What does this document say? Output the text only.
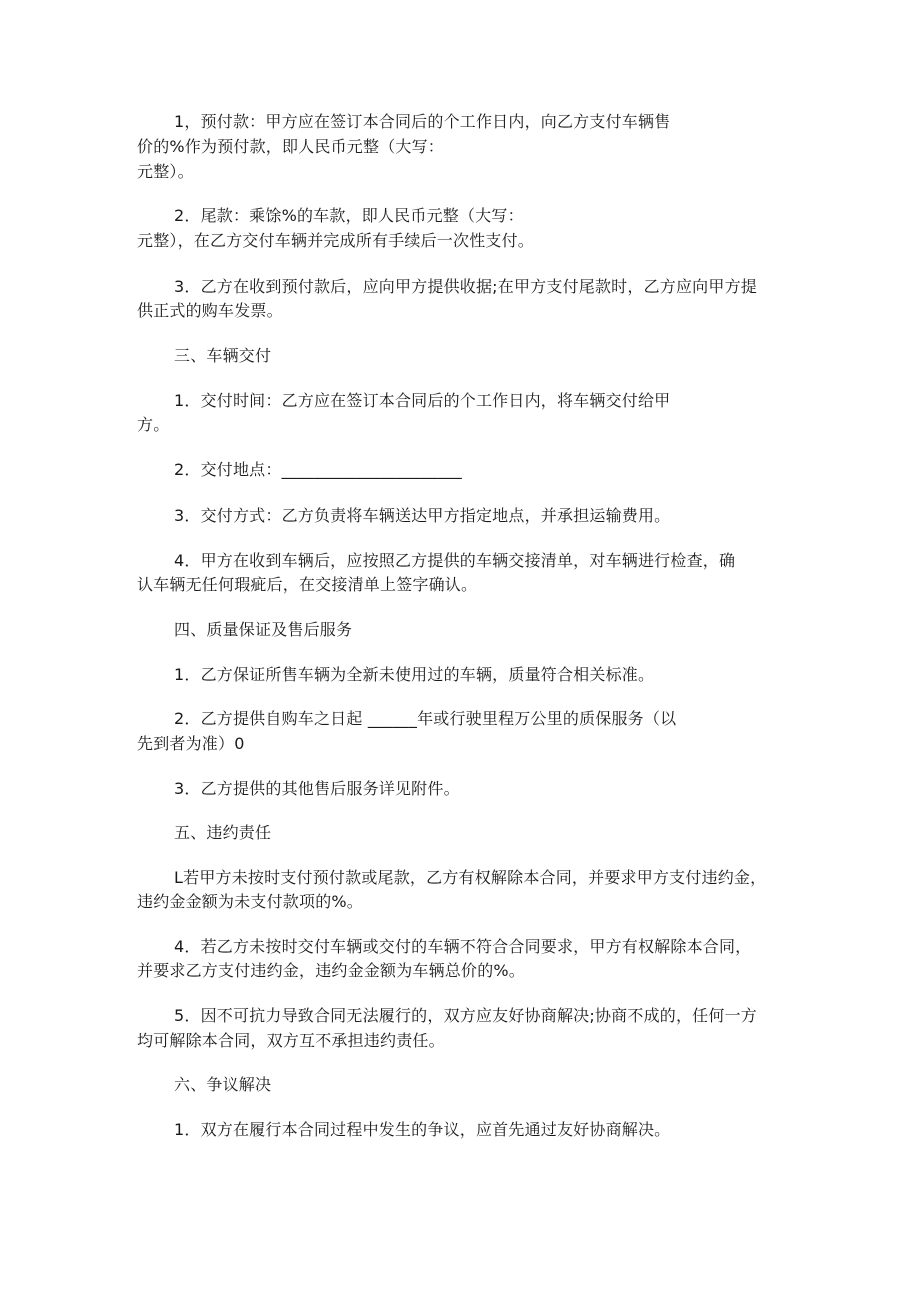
1，预付款：甲方应在签订本合同后的个工作日内，向乙方支付车辆售
价的%作为预付款，即人民币元整（大写：
元整）。
2．尾款：乘馀%的车款，即人民币元整（大写：
元整），在乙方交付车辆并完成所有手续后一次性支付。
3．乙方在收到预付款后，应向甲方提供收据;在甲方支付尾款时，乙方应向甲方提
供正式的购车发票。
三、车辆交付
1．交付时间：乙方应在签订本合同后的个工作日内，将车辆交付给甲
方。
2．交付地点：______________________
3．交付方式：乙方负责将车辆送达甲方指定地点，并承担运输费用。
4．甲方在收到车辆后，应按照乙方提供的车辆交接清单，对车辆进行检查，确
认车辆无任何瑕疵后，在交接清单上签字确认。
四、质量保证及售后服务
1．乙方保证所售车辆为全新未使用过的车辆，质量符合相关标准。
2．乙方提供自购车之日起 ______年或行驶里程万公里的质保服务（以
先到者为准）0
3．乙方提供的其他售后服务详见附件。
五、违约责任
L若甲方未按时支付预付款或尾款，乙方有权解除本合同，并要求甲方支付违约金，
违约金金额为未支付款项的%。
4．若乙方未按时交付车辆或交付的车辆不符合合同要求，甲方有权解除本合同，
并要求乙方支付违约金，违约金金额为车辆总价的%。
5．因不可抗力导致合同无法履行的，双方应友好协商解决;协商不成的，任何一方
均可解除本合同，双方互不承担违约责任。
六、争议解决
1．双方在履行本合同过程中发生的争议，应首先通过友好协商解决。
